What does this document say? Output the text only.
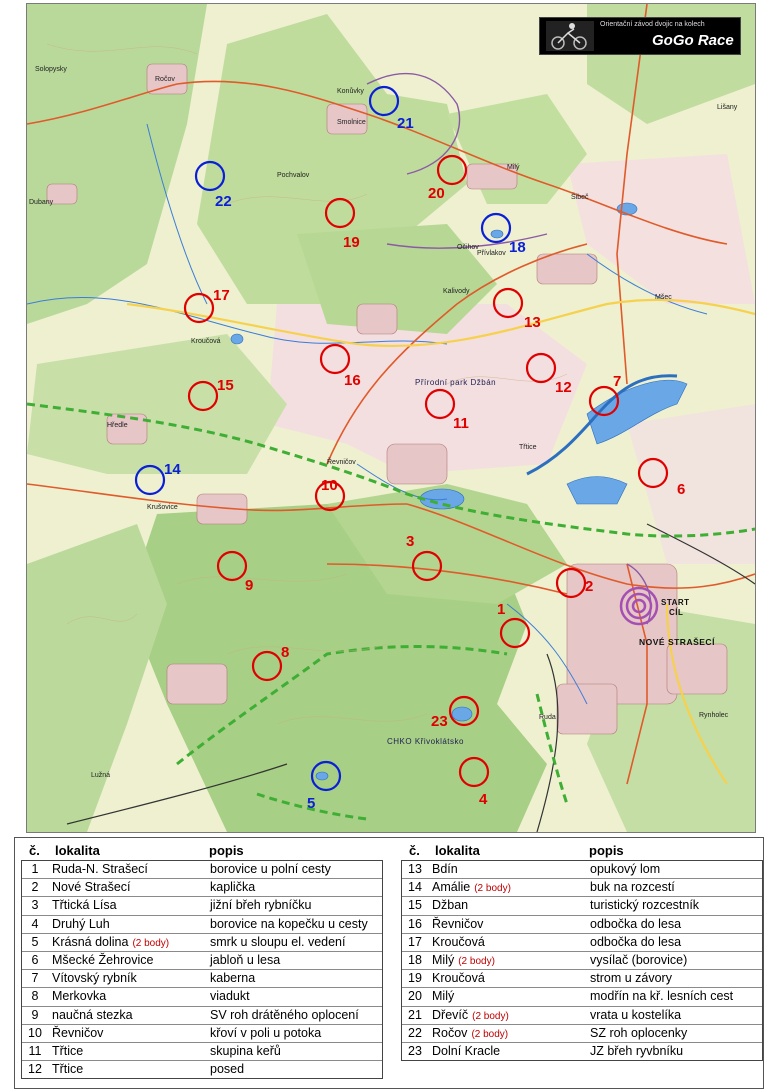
1
2
3
4
5
6
7
8
9
10
11
12
13
14
15	16
17
18
19
20
21
22
23
START
CÍL
NOVÉ STRAŠECÍ
CHKO Křivoklátsko
Přírodní park Džbán
Solopysky
Ročov
Konůvky
Smolnice
Pochvalov
Milý
Šibeč
Přívlakov
Kroučová
Hředle
Krušovice
Řevničov
Třtice
Mšec
Ruda
Lužná
Lišany
Rynholec
Kalivody
Očihov
Dubany
Orientační závod dvojic na kolech
GoGo Race
č. lokalita	popis	č. lokalita	popis
1	Ruda-N. Strašecí	borovice u polní cesty
2	Nové Strašecí	kaplička
3	Třtická Lísa	jižní břeh rybníčku
4	Druhý Luh	borovice na kopečku u cesty
5	Krásná dolina (2 body)	smrk u sloupu el. vedení
6	Mšecké Žehrovice	jabloň u lesa
7	Vítovský rybník	kaberna
8	Merkovka	viadukt
9	naučná stezka	SV roh drátěného oplocení
10 Řevničov	křoví v poli u potoka
11 Třtice	skupina keřů
12 Třtice	posed
13 Bdín	opukový lom
14 Amálie (2 body)	buk na rozcestí
15 Džban	turistický rozcestník
16 Řevničov	odbočka do lesa
17 Kroučová	odbočka do lesa
18 Milý (2 body)	vysílač (borovice)
19 Kroučová	strom u závory
20 Milý	modřín na kř. lesních cest
21 Dřevíč (2 body)	vrata u kostelíka
22 Ročov (2 body)	SZ roh oplocenky
23 Dolní Kracle	JZ břeh ryvbníku
